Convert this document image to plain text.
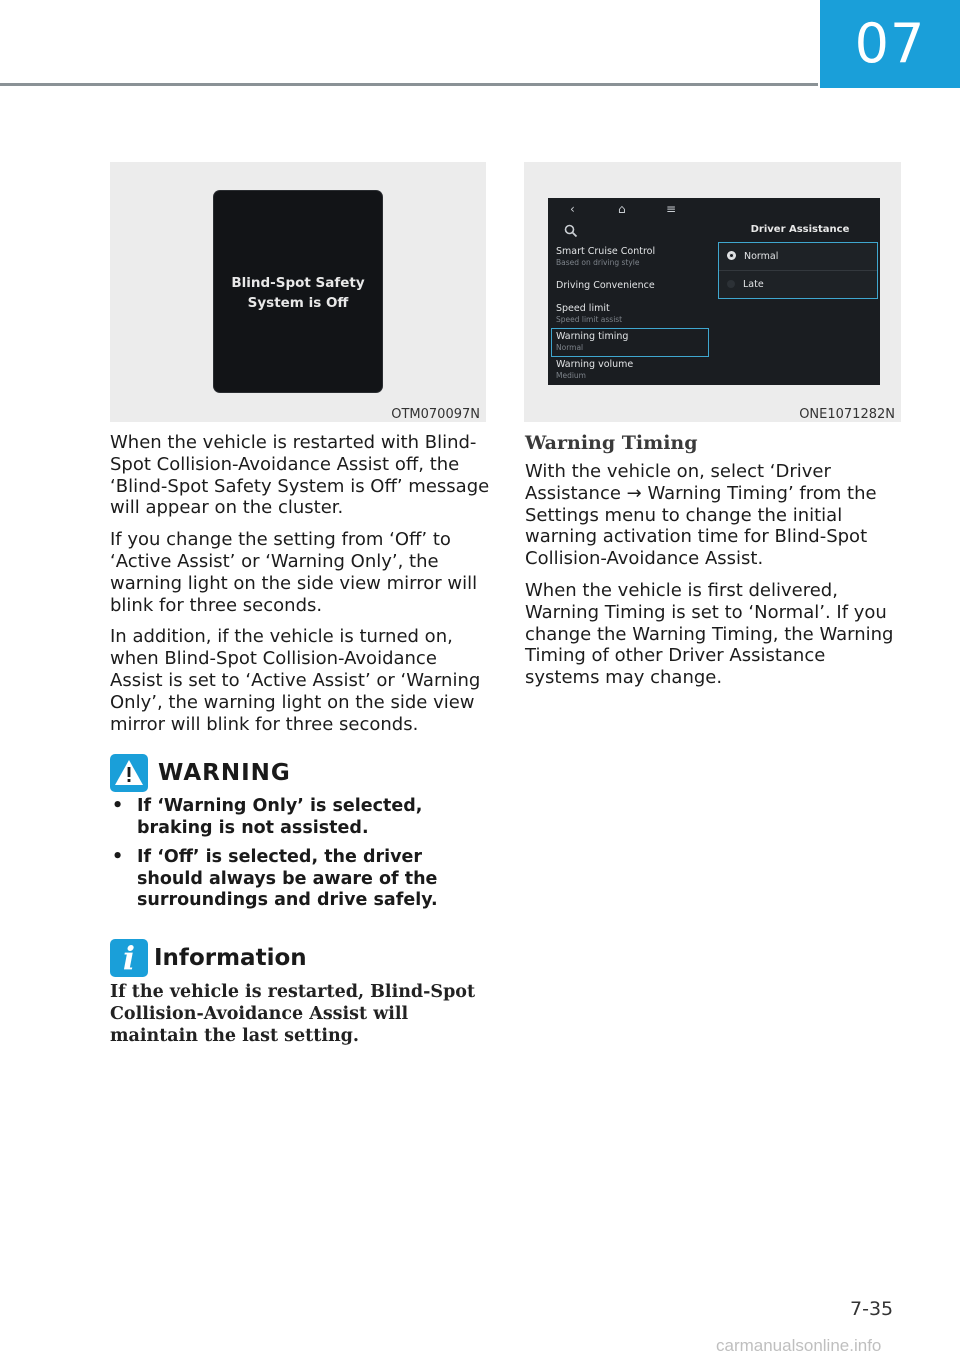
07
Blind-Spot Safety
System is Off
OTM070097N
‹	⌂	≡
Smart Cruise Control
Based on driving style
Driving Convenience
Speed limit
Speed limit assist
Warning timing
Normal
Warning volume
Medium
Driver Assistance
Normal
Late
ONE1071282N

When the vehicle is restarted with Blind-Spot Collision-Avoidance Assist off, the ‘Blind-Spot Safety System is Off’ message will appear on the cluster.

If you change the setting from ‘Off’ to ‘Active Assist’ or ‘Warning Only’, the warning light on the side view mirror will blink for three seconds.

In addition, if the vehicle is turned on, when Blind-Spot Collision-Avoidance Assist is set to ‘Active Assist’ or ‘Warning Only’, the warning light on the side view mirror will blink for three seconds.

WARNING
• If ‘Warning Only’ is selected, braking is not assisted.
• If ‘Off’ is selected, the driver should always be aware of the surroundings and drive safely.
i Information
If the vehicle is restarted, Blind-Spot Collision-Avoidance Assist will maintain the last setting.
Warning Timing

With the vehicle on, select ‘Driver Assistance → Warning Timing’ from the Settings menu to change the initial warning activation time for Blind-Spot Collision-Avoidance Assist.

When the vehicle is first delivered, Warning Timing is set to ‘Normal’. If you change the Warning Timing, the Warning Timing of other Driver Assistance systems may change.

7-35
carmanualsonline.info
